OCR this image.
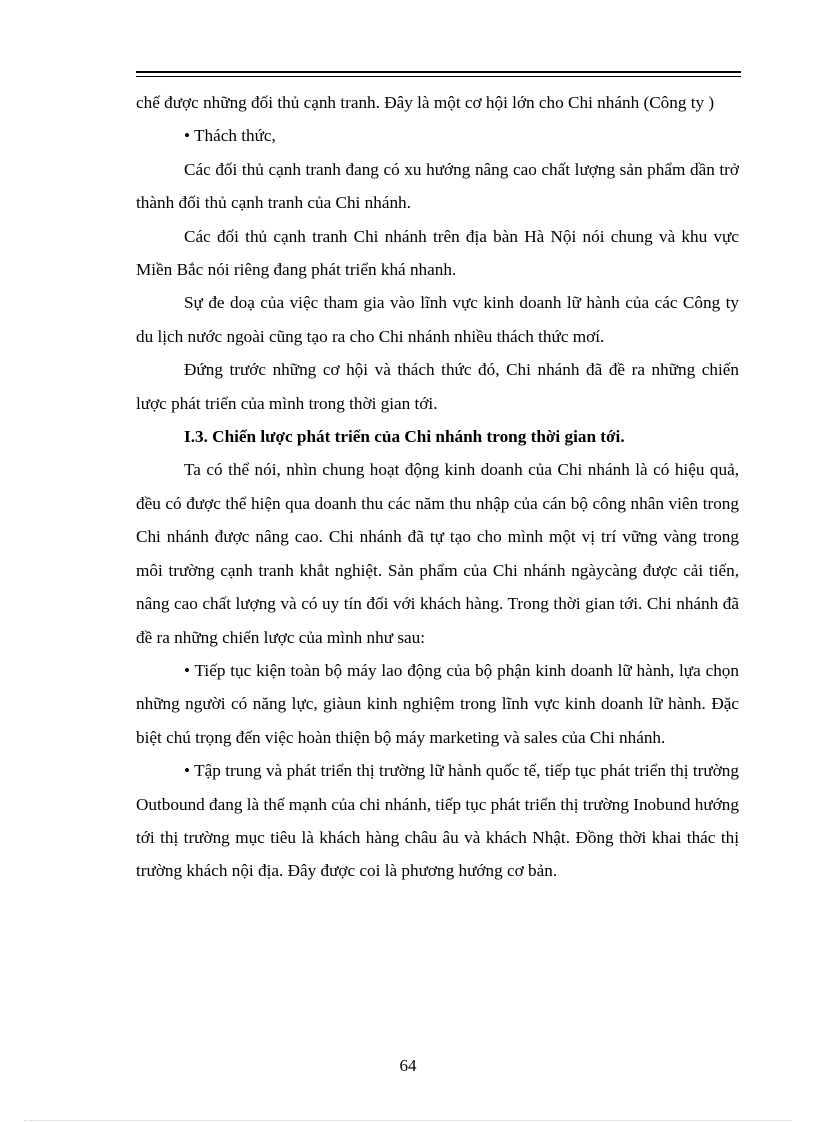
chế được những đối thủ cạnh tranh. Đây là một cơ hội lớn cho Chi nhánh (Công ty )

• Thách thức,

Các đối thủ cạnh tranh đang có xu hướng nâng cao chất lượng sản phẩm dần trở thành đối thủ cạnh tranh của Chi nhánh.

Các đối thủ cạnh tranh Chi nhánh trên địa bàn Hà Nội nói chung và khu vực Miền Bắc nói riêng đang phát triển khá nhanh.

Sự đe doạ của việc tham gia vào lĩnh vực kinh doanh lữ hành của các Công ty du lịch nước ngoài cũng tạo ra cho Chi nhánh nhiều thách thức mơí.

Đứng trước những cơ hội và thách thức đó, Chi nhánh đã đề ra những chiến lược phát triển của mình trong thời gian tới.

I.3. Chiến lược phát triển của Chi nhánh trong thời gian tới.

Ta có thể nói, nhìn chung hoạt động kinh doanh của Chi nhánh là có hiệu quả, đều có được thể hiện qua doanh thu các năm thu nhập của cán bộ công nhân viên trong Chi nhánh được nâng cao. Chi nhánh đã tự tạo cho mình một vị trí vững vàng trong môi trường cạnh tranh khắt nghiệt. Sản phẩm của Chi nhánh ngàycàng được cải tiến, nâng cao chất lượng và có uy tín đối với khách hàng. Trong thời gian tới. Chi nhánh đã đề ra những chiến lược của mình như sau:

• Tiếp tục kiện toàn bộ máy lao động của bộ phận kinh doanh lữ hành, lựa chọn những người có năng lực, giàun kinh nghiệm trong lĩnh vực kinh doanh lữ hành. Đặc biệt chú trọng đến việc hoàn thiện bộ máy marketing và sales của Chi nhánh.

• Tập trung và phát triển thị trường lữ hành quốc tế, tiếp tục phát triển thị trường Outbound đang là thế mạnh của chi nhánh, tiếp tục phát triển thị trường Inobund hướng tới thị trường mục tiêu là khách hàng châu âu và khách Nhật. Đồng thời khai thác thị trường khách nội địa. Đây được coi là phương hướng cơ bản.

64
